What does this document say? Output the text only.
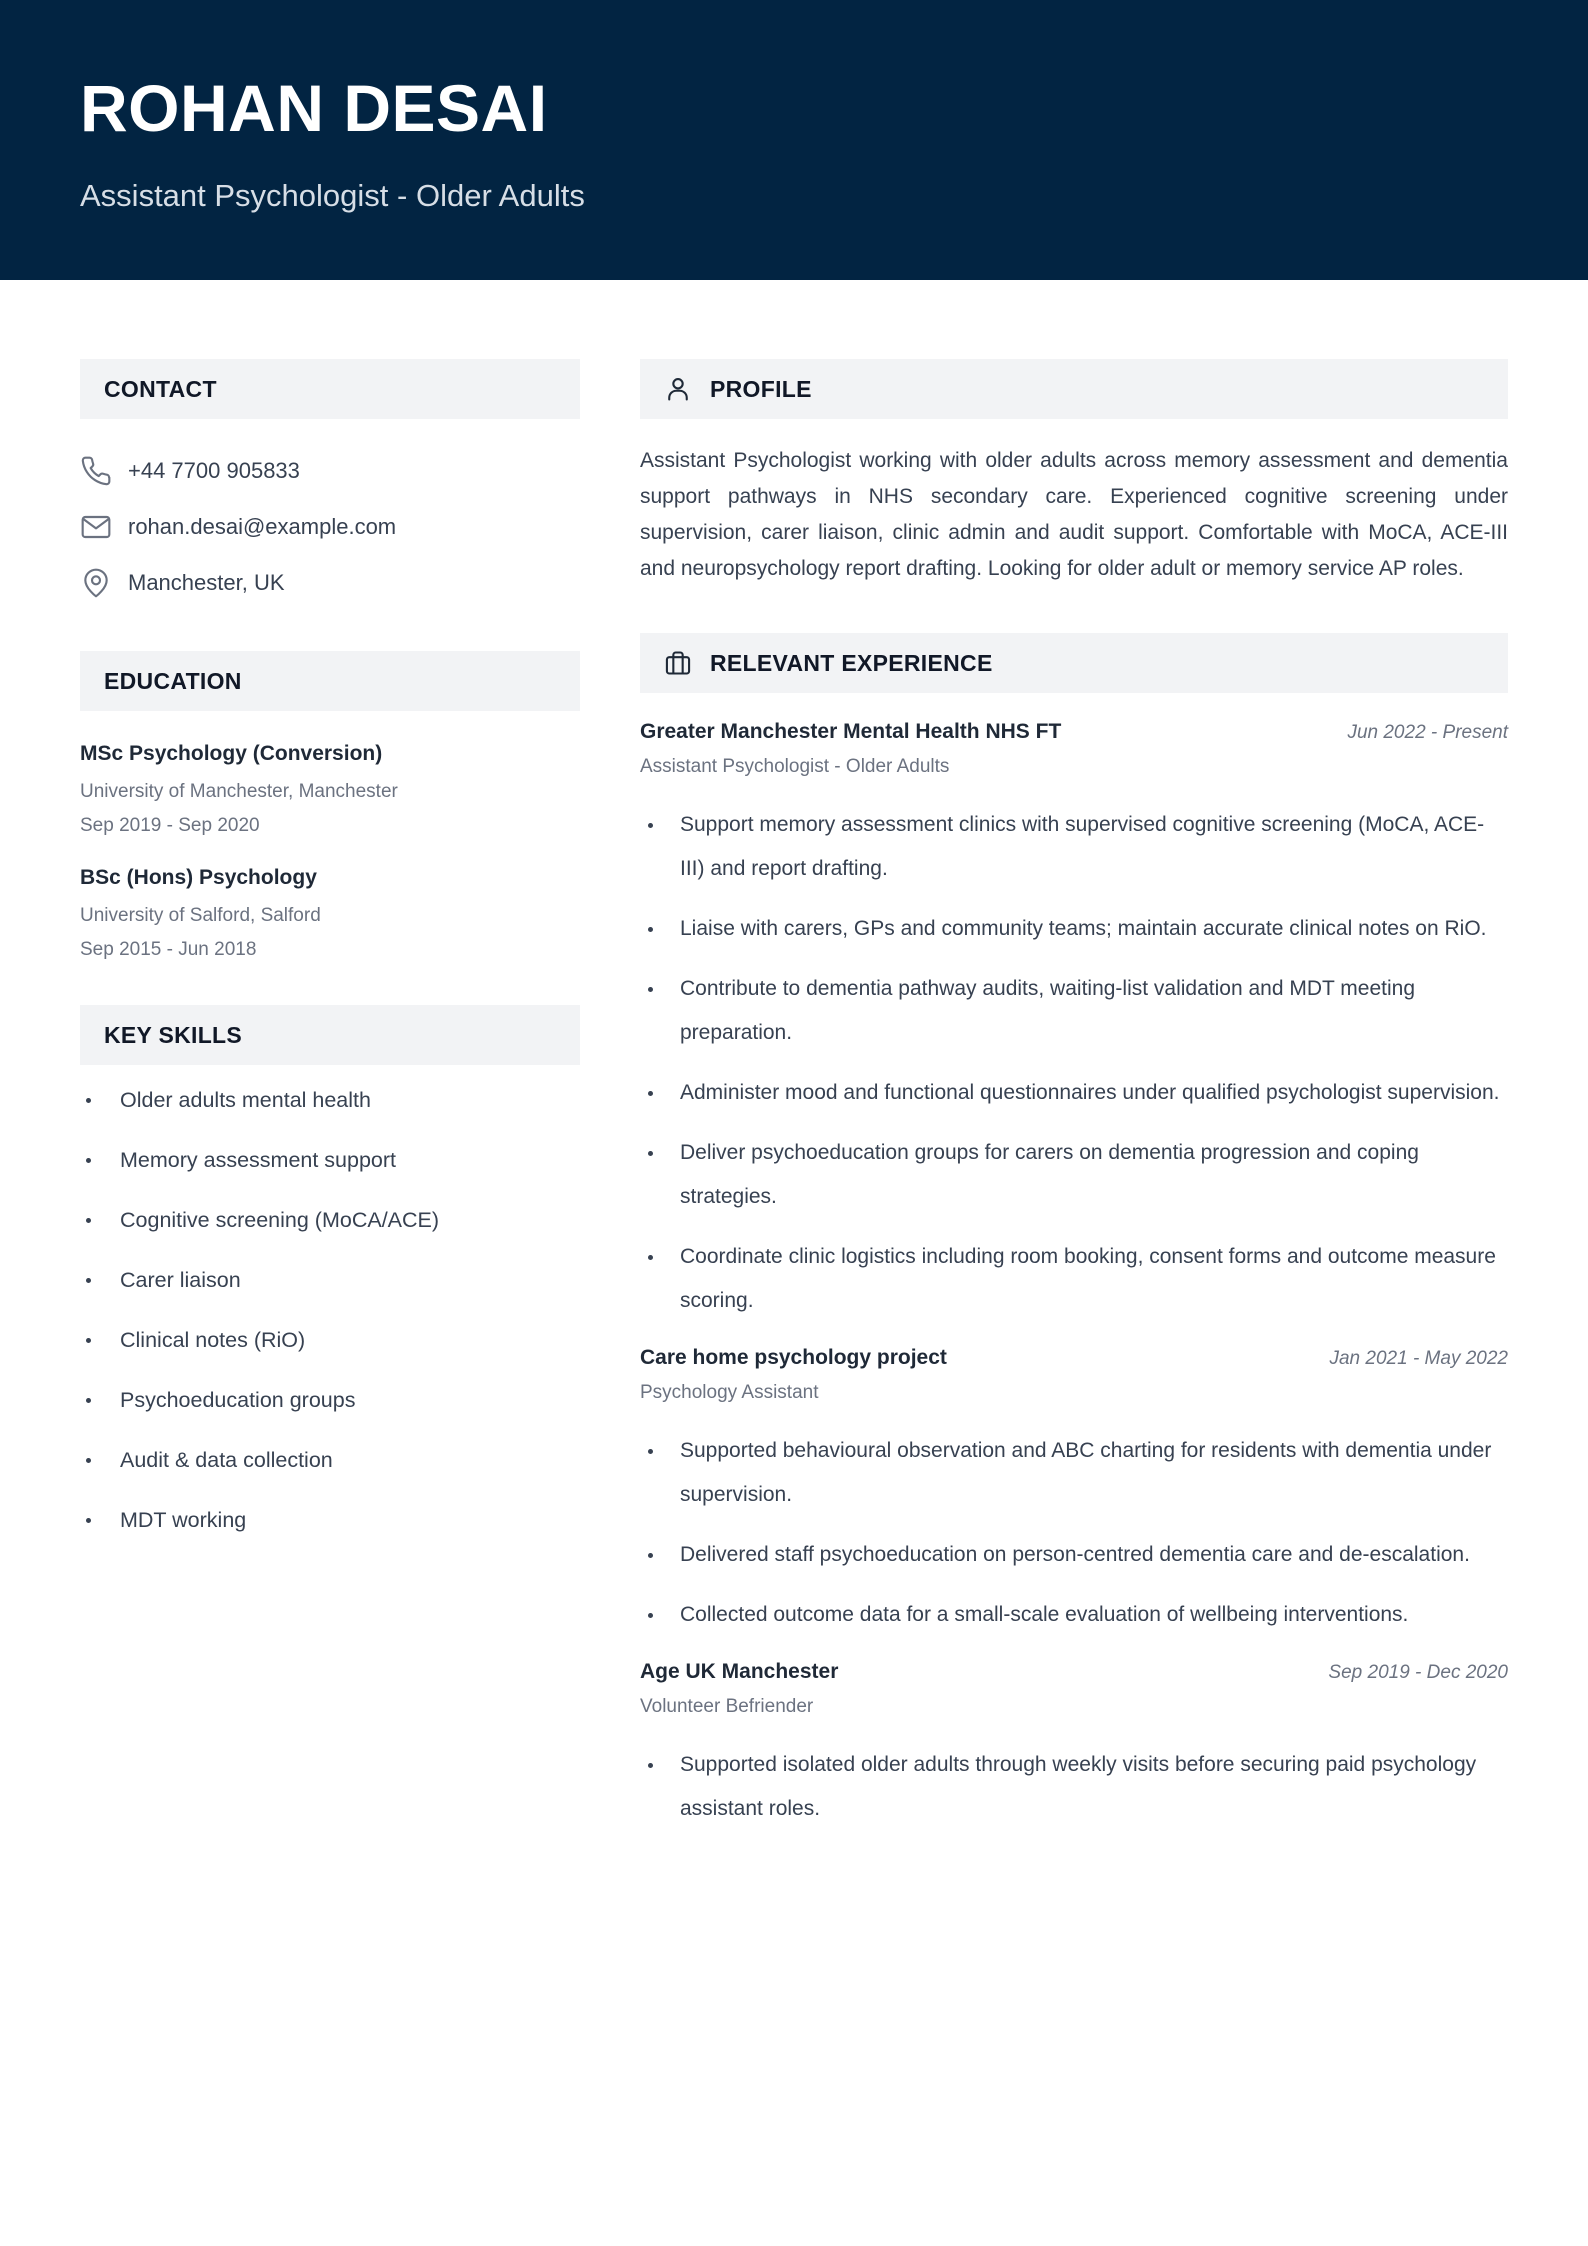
ROHAN DESAI
Assistant Psychologist - Older Adults
CONTACT
+44 7700 905833
rohan.desai@example.com
Manchester, UK
EDUCATION
MSc Psychology (Conversion)
University of Manchester, Manchester
Sep 2019 - Sep 2020
BSc (Hons) Psychology
University of Salford, Salford
Sep 2015 - Jun 2018
KEY SKILLS
Older adults mental health
Memory assessment support
Cognitive screening (MoCA/ACE)
Carer liaison
Clinical notes (RiO)
Psychoeducation groups
Audit & data collection
MDT working
PROFILE
Assistant Psychologist working with older adults across memory assessment and dementia support pathways in NHS secondary care. Experienced cognitive screening under supervision, carer liaison, clinic admin and audit support. Comfortable with MoCA, ACE-III and neuropsychology report drafting. Looking for older adult or memory service AP roles.
RELEVANT EXPERIENCE
Greater Manchester Mental Health NHS FT	Jun 2022 - Present
Assistant Psychologist - Older Adults
Support memory assessment clinics with supervised cognitive screening (MoCA, ACE-III) and report drafting.
Liaise with carers, GPs and community teams; maintain accurate clinical notes on RiO.
Contribute to dementia pathway audits, waiting-list validation and MDT meeting preparation.
Administer mood and functional questionnaires under qualified psychologist supervision.
Deliver psychoeducation groups for carers on dementia progression and coping strategies.
Coordinate clinic logistics including room booking, consent forms and outcome measure scoring.
Care home psychology project	Jan 2021 - May 2022
Psychology Assistant
Supported behavioural observation and ABC charting for residents with dementia under supervision.
Delivered staff psychoeducation on person-centred dementia care and de-escalation.
Collected outcome data for a small-scale evaluation of wellbeing interventions.
Age UK Manchester	Sep 2019 - Dec 2020
Volunteer Befriender
Supported isolated older adults through weekly visits before securing paid psychology assistant roles.
